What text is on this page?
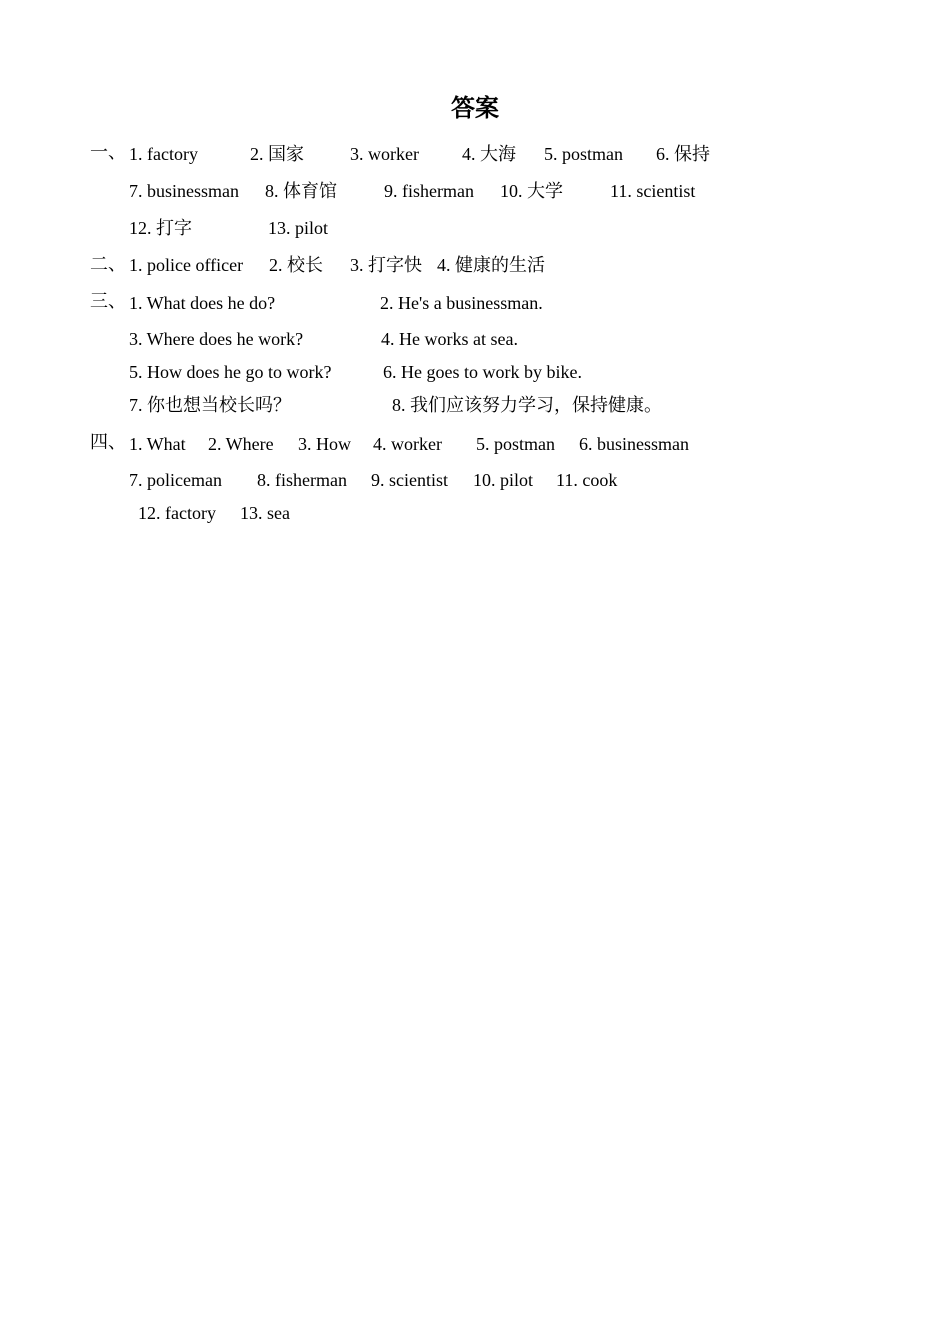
答案
一、 1. factory	2. 国家	3. worker 4. 大海 5. postman 6. 保持
7. businessman 8. 体育馆	9. fisherman 10. 大学	11. scientist
12. 打字	13. pilot
二、 1. police officer 2. 校长 3. 打字快 4. 健康的生活
三、 1. What does he do?	2. He's a businessman.
3. Where does he work?	4. He works at sea.
5. How does he go to work?	6. He goes to work by bike.
7. 你也想当校长吗？	8. 我们应该努力学习，保持健康。
四、 1. What 2. Where 3. How 4. worker 5. postman 6. businessman
7. policeman 8. fisherman 9. scientist 10. pilot 11. cook
12. factory 13. sea
